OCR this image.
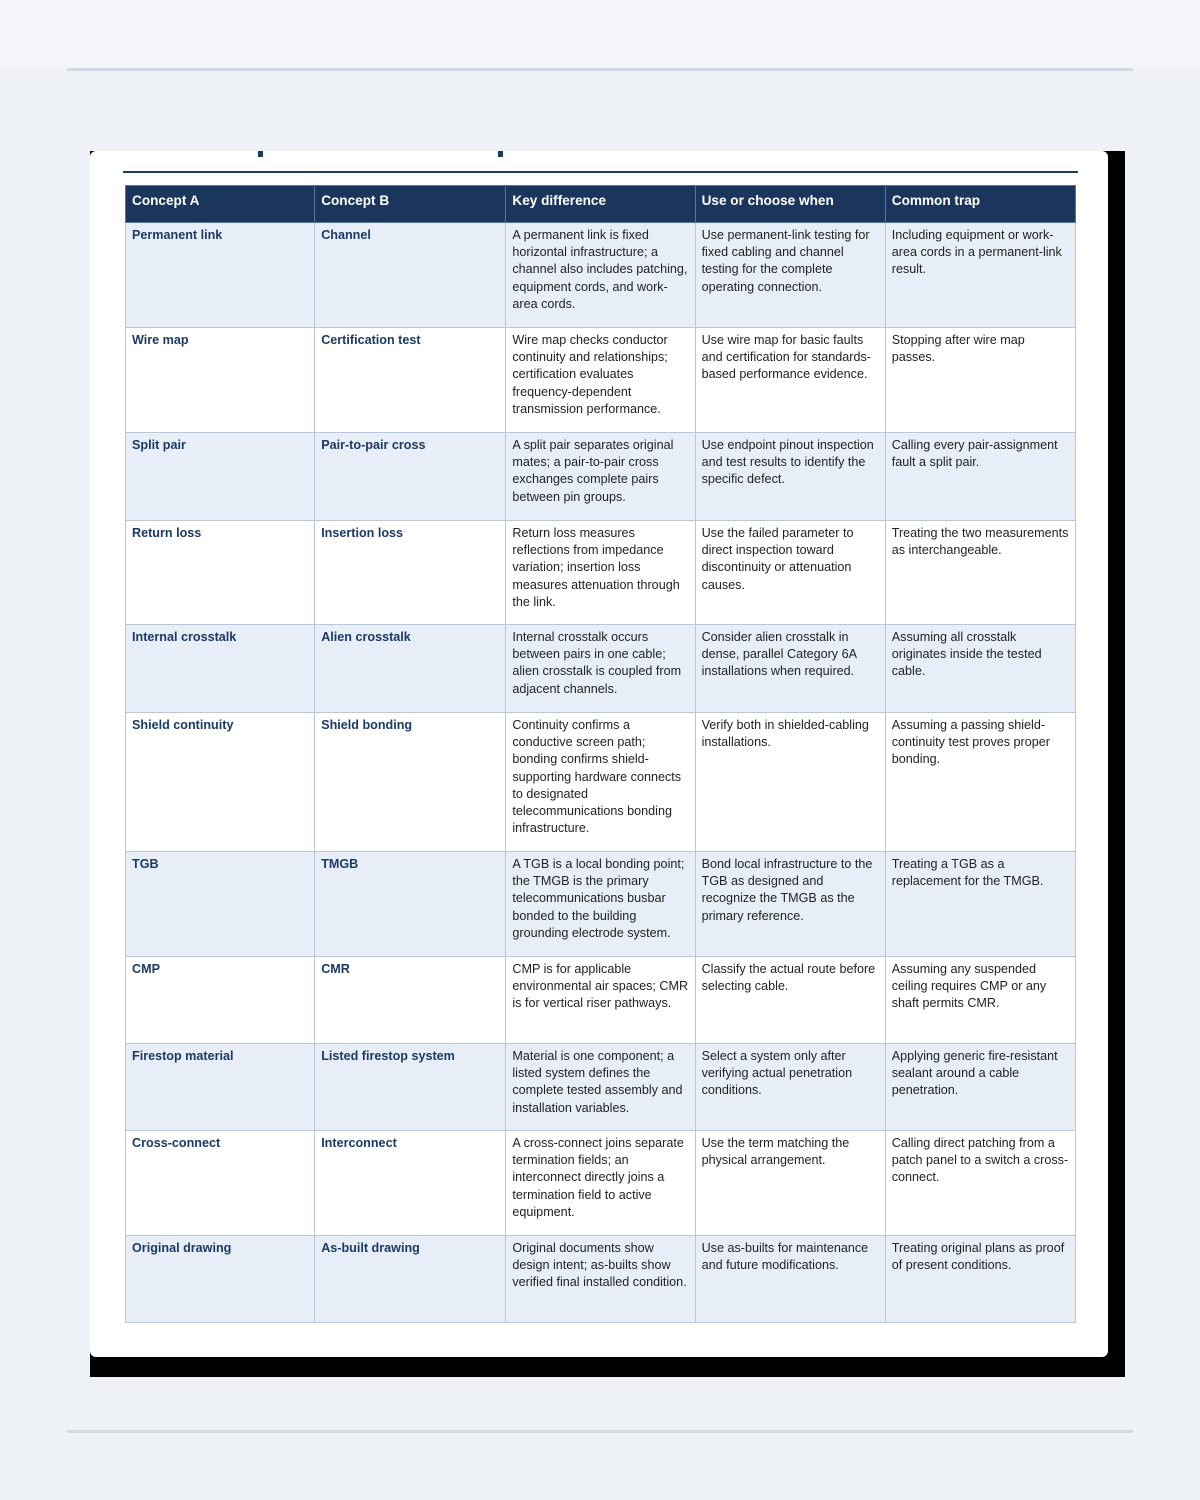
Concept A	Concept B	Key difference	Use or choose when	Common trap
Permanent link	Channel	A permanent link is fixed horizontal infrastructure; a channel also includes patching, equipment cords, and work-area cords.	Use permanent-link testing for fixed cabling and channel testing for the complete operating connection.	Including equipment or work-area cords in a permanent-link result.
Wire map	Certification test	Wire map checks conductor continuity and relationships; certification evaluates frequency-dependent transmission performance.	Use wire map for basic faults and certification for standards-based performance evidence.	Stopping after wire map passes.
Split pair	Pair-to-pair cross	A split pair separates original mates; a pair-to-pair cross exchanges complete pairs between pin groups.	Use endpoint pinout inspection and test results to identify the specific defect.	Calling every pair-assignment fault a split pair.
Return loss	Insertion loss	Return loss measures reflections from impedance variation; insertion loss measures attenuation through the link.	Use the failed parameter to direct inspection toward discontinuity or attenuation causes.	Treating the two measurements as interchangeable.
Internal crosstalk	Alien crosstalk	Internal crosstalk occurs between pairs in one cable; alien crosstalk is coupled from adjacent channels.	Consider alien crosstalk in dense, parallel Category 6A installations when required.	Assuming all crosstalk originates inside the tested cable.
Shield continuity	Shield bonding	Continuity confirms a conductive screen path; bonding confirms shield-supporting hardware connects to designated telecommunications bonding infrastructure.	Verify both in shielded-cabling installations.	Assuming a passing shield-continuity test proves proper bonding.
TGB	TMGB	A TGB is a local bonding point; the TMGB is the primary telecommunications busbar bonded to the building grounding electrode system.	Bond local infrastructure to the TGB as designed and recognize the TMGB as the primary reference.	Treating a TGB as a replacement for the TMGB.
CMP	CMR	CMP is for applicable environmental air spaces; CMR is for vertical riser pathways.	Classify the actual route before selecting cable.	Assuming any suspended ceiling requires CMP or any shaft permits CMR.
Firestop material	Listed firestop system	Material is one component; a listed system defines the complete tested assembly and installation variables.	Select a system only after verifying actual penetration conditions.	Applying generic fire-resistant sealant around a cable penetration.
Cross-connect	Interconnect	A cross-connect joins separate termination fields; an interconnect directly joins a termination field to active equipment.	Use the term matching the physical arrangement.	Calling direct patching from a patch panel to a switch a cross-connect.
Original drawing	As-built drawing	Original documents show design intent; as-builts show verified final installed condition.	Use as-builts for maintenance and future modifications.	Treating original plans as proof of present conditions.
